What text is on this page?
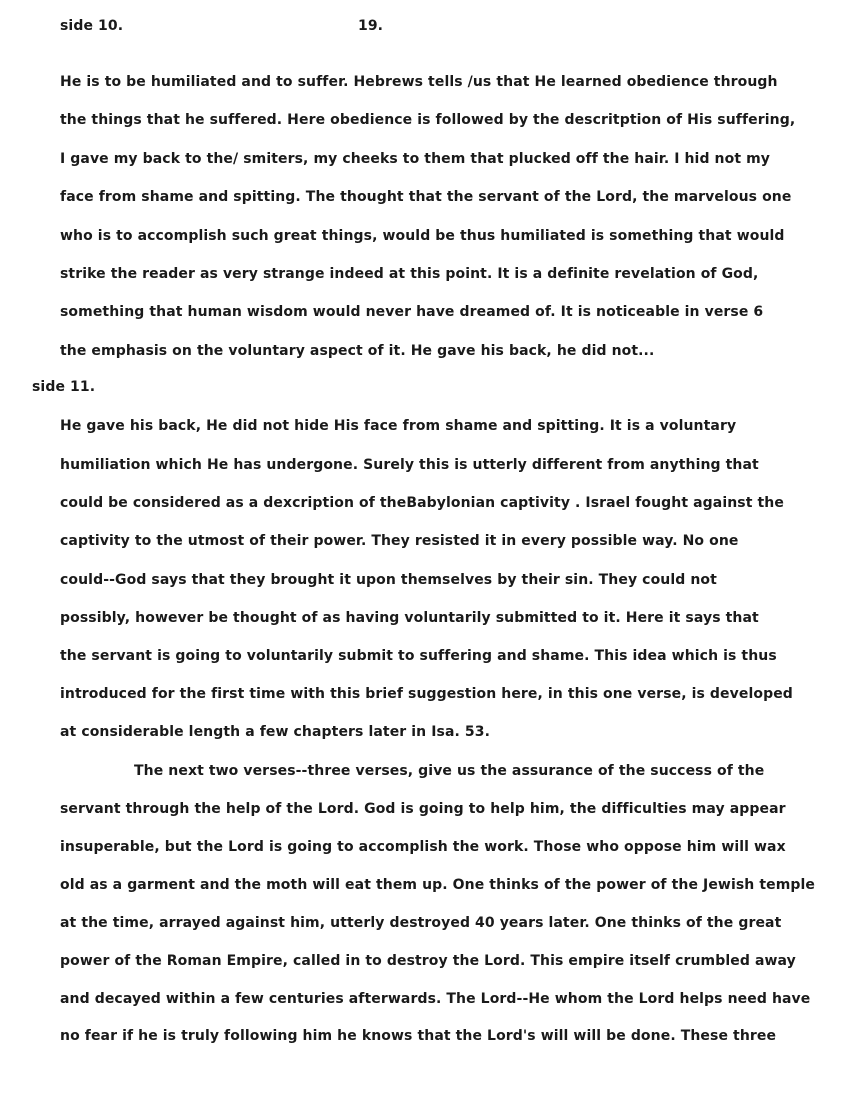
side 10.	19.
He is to be humiliated and to suffer. Hebrews tells /us that He learned obedience through
the things that he suffered. Here obedience is followed by the descritption of His suffering,
I gave my back to the/ smiters, my cheeks to them that plucked off the hair. I hid not my
face from shame and spitting. The thought that the servant of the Lord, the marvelous one
who is to accomplish such great things, would be thus humiliated is something that would
strike the reader as very strange indeed at this point. It is a definite revelation of God,
something that human wisdom would never have dreamed of. It is noticeable in verse 6
the emphasis on the voluntary aspect of it. He gave his back, he did not...
side 11.
He gave his back, He did not hide His face from shame and spitting. It is a voluntary
humiliation which He has undergone. Surely this is utterly different from anything that
could be considered as a dexcription of theBabylonian captivity . Israel fought against the
captivity to the utmost of their power. They resisted it in every possible way. No one
could--God says that they brought it upon themselves by their sin. They could not
possibly, however be thought of as having voluntarily submitted to it. Here it says that
the servant is going to voluntarily submit to suffering and shame. This idea which is thus
introduced for the first time with this brief suggestion here, in this one verse, is developed
at considerable length a few chapters later in Isa. 53.
The next two verses--three verses, give us the assurance of the success of the
servant through the help of the Lord. God is going to help him, the difficulties may appear
insuperable, but the Lord is going to accomplish the work. Those who oppose him will wax
old as a garment and the moth will eat them up. One thinks of the power of the Jewish temple
at the time, arrayed against him, utterly destroyed 40 years later. One thinks of the great
power of the Roman Empire, called in to destroy the Lord. This empire itself crumbled away
and decayed within a few centuries afterwards. The Lord--He whom the Lord helps need have
no fear if he is truly following him he knows that the Lord's will will be done. These three
